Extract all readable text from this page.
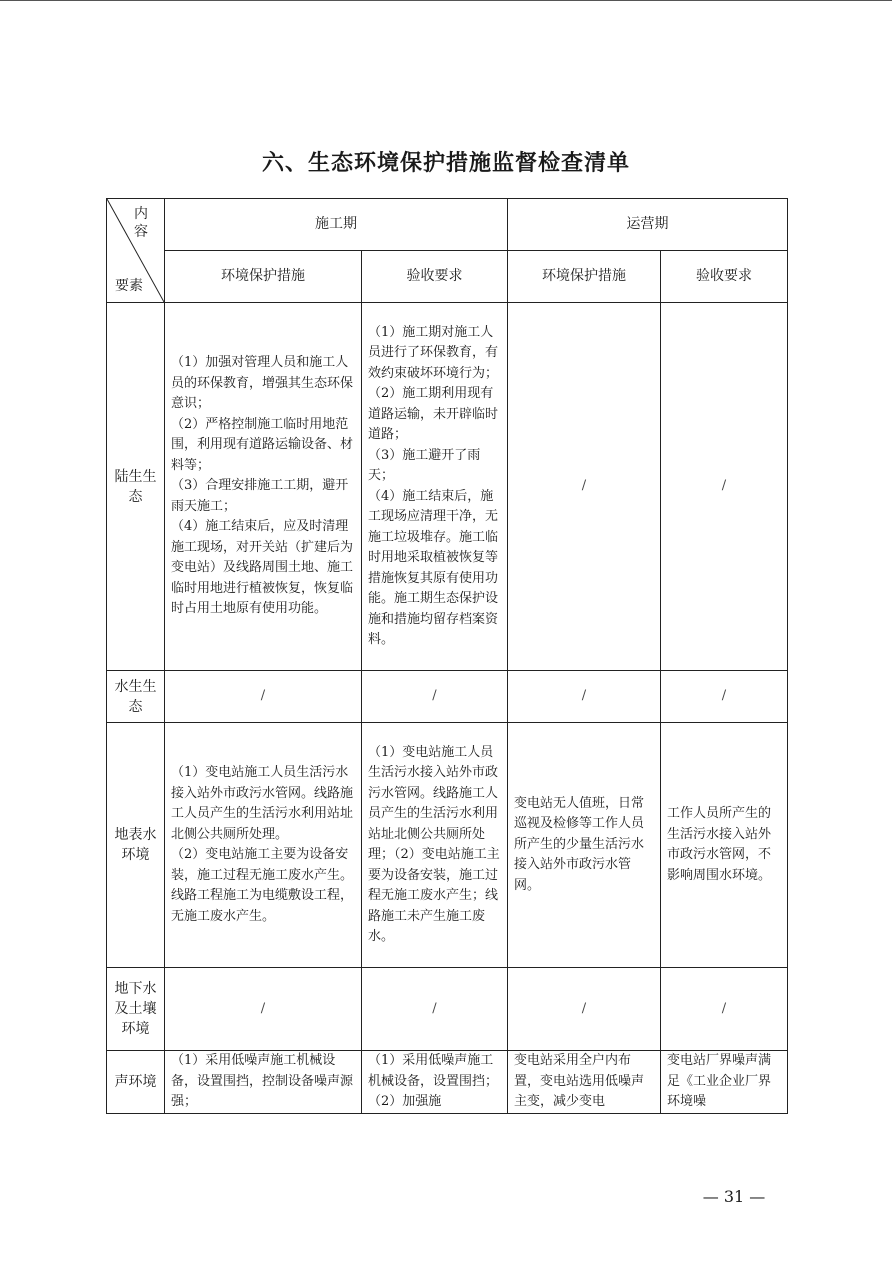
六、生态环境保护措施监督检查清单
内容
要素	施工期		运营期	
	环境保护措施	验收要求	环境保护措施	验收要求
陆生生态	（1）加强对管理人员和施工人员的环保教育，增强其生态环保意识；
（2）严格控制施工临时用地范围，利用现有道路运输设备、材料等；
（3）合理安排施工工期，避开雨天施工；
（4）施工结束后，应及时清理施工现场，对开关站（扩建后为变电站）及线路周围土地、施工临时用地进行植被恢复，恢复临时占用土地原有使用功能。	（1）施工期对施工人员进行了环保教育，有效约束破坏环境行为；
（2）施工期利用现有道路运输，未开辟临时道路；
（3）施工避开了雨天；
（4）施工结束后，施工现场应清理干净，无施工垃圾堆存。施工临时用地采取植被恢复等措施恢复其原有使用功能。施工期生态保护设施和措施均留存档案资料。	/	/
水生生态	/	/	/	/
地表水环境	（1）变电站施工人员生活污水接入站外市政污水管网。线路施工人员产生的生活污水利用站址北侧公共厕所处理。
（2）变电站施工主要为设备安装，施工过程无施工废水产生。线路工程施工为电缆敷设工程，无施工废水产生。	（1）变电站施工人员生活污水接入站外市政污水管网。线路施工人员产生的生活污水利用站址北侧公共厕所处理；（2）变电站施工主要为设备安装，施工过程无施工废水产生；线路施工未产生施工废水。	变电站无人值班，日常巡视及检修等工作人员所产生的少量生活污水接入站外市政污水管网。	工作人员所产生的生活污水接入站外市政污水管网，不影响周围水环境。

地下水及土壤环境	/	/	/	/
声环境	（1）采用低噪声施工机械设备，设置围挡，控制设备噪声源强；	（1）采用低噪声施工机械设备，设置围挡；（2）加强施	变电站采用全户内布置，变电站选用低噪声主变，减少变电	变电站厂界噪声满足《工业企业厂界环境噪
— 31 —
